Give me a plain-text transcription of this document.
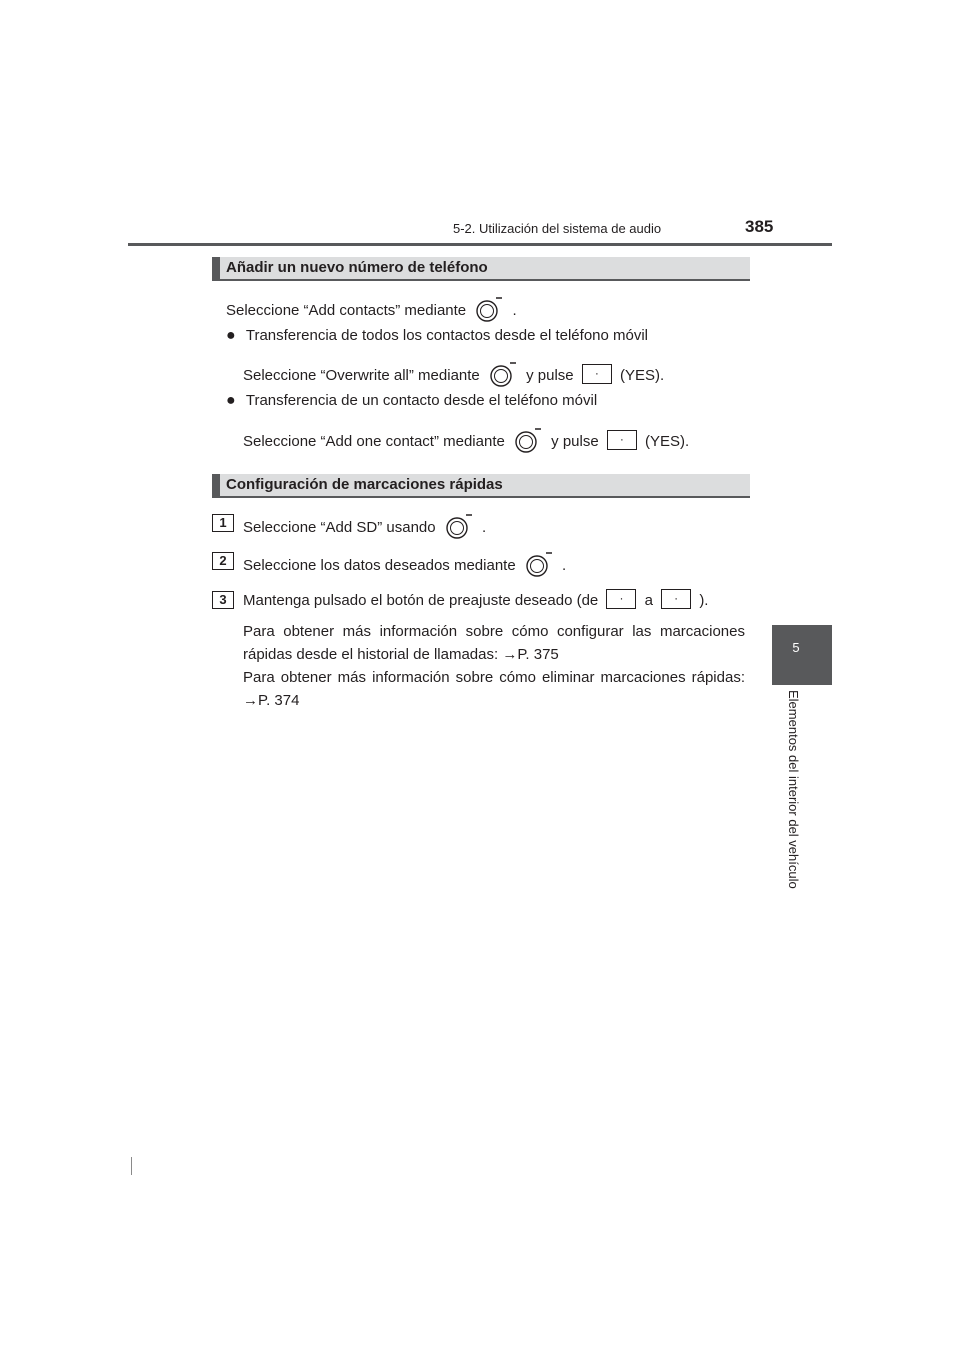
5-2. Utilización del sistema de audio	385
5
Elementos del interior del vehículo
Añadir un nuevo número de teléfono
Seleccione “Add contacts” mediante	.
● Transferencia de todos los contactos desde el teléfono móvil
Seleccione “Overwrite all” mediante	y pulse · (YES).
● Transferencia de un contacto desde el teléfono móvil
Seleccione “Add one contact” mediante	y pulse · (YES).
Configuración de marcaciones rápidas
1	Seleccione “Add SD” usando	.
2	Seleccione los datos deseados mediante	.
3	Mantenga pulsado el botón de preajuste deseado (de · a · ).
Para obtener más información sobre cómo configurar las marcaciones rápidas desde el historial de llamadas: →P. 375
Para obtener más información sobre cómo eliminar marcaciones rápidas: →P. 374
